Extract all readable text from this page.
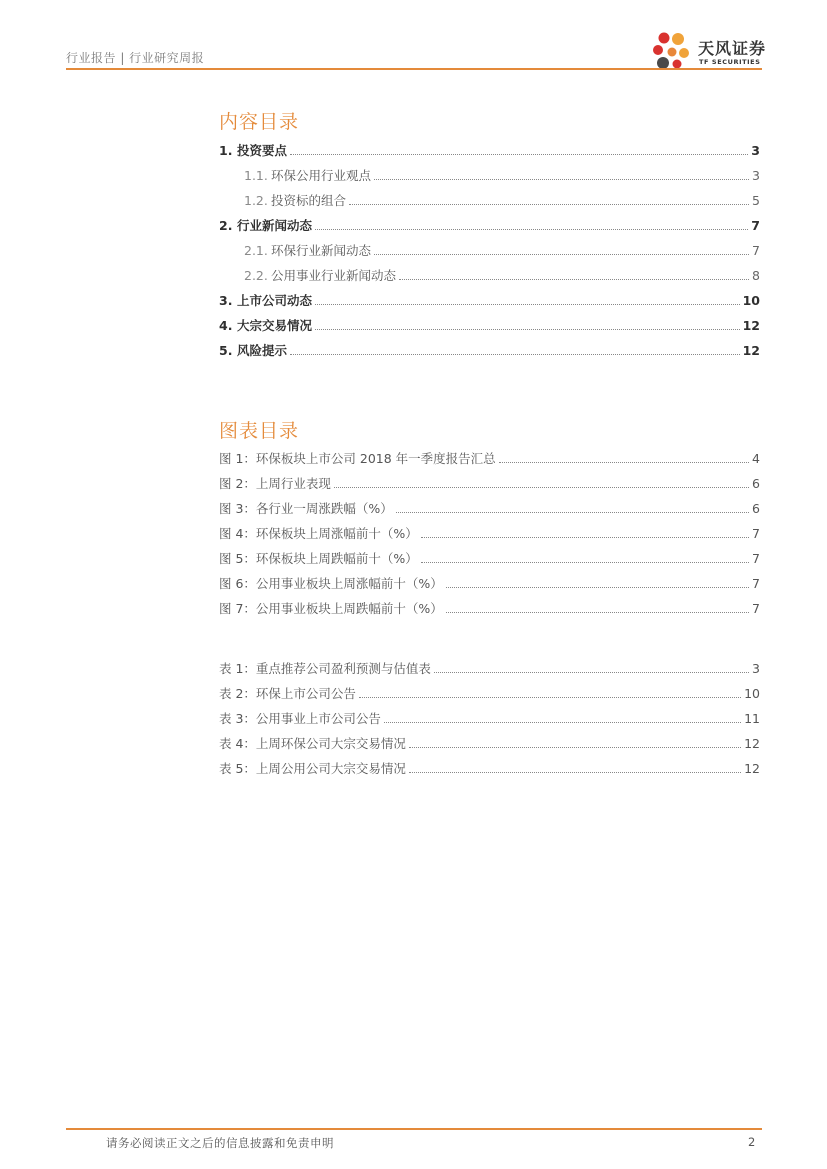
行业报告 | 行业研究周报	天风证券
TF SECURITIES
内容目录
1. 投资要点	3
1.1. 环保公用行业观点	3
1.2. 投资标的组合	5
2. 行业新闻动态	7
2.1. 环保行业新闻动态	7
2.2. 公用事业行业新闻动态	8
3. 上市公司动态	10
4. 大宗交易情况	12
5. 风险提示	12
图表目录
图 1：环保板块上市公司 2018 年一季度报告汇总	4
图 2：上周行业表现	6
图 3：各行业一周涨跌幅（%）	6
图 4：环保板块上周涨幅前十（%）	7
图 5：环保板块上周跌幅前十（%）	7
图 6：公用事业板块上周涨幅前十（%）	7
图 7：公用事业板块上周跌幅前十（%）	7
表 1：重点推荐公司盈利预测与估值表	3
表 2：环保上市公司公告	10
表 3：公用事业上市公司公告	11
表 4：上周环保公司大宗交易情况	12
表 5：上周公用公司大宗交易情况	12
请务必阅读正文之后的信息披露和免责申明	2
